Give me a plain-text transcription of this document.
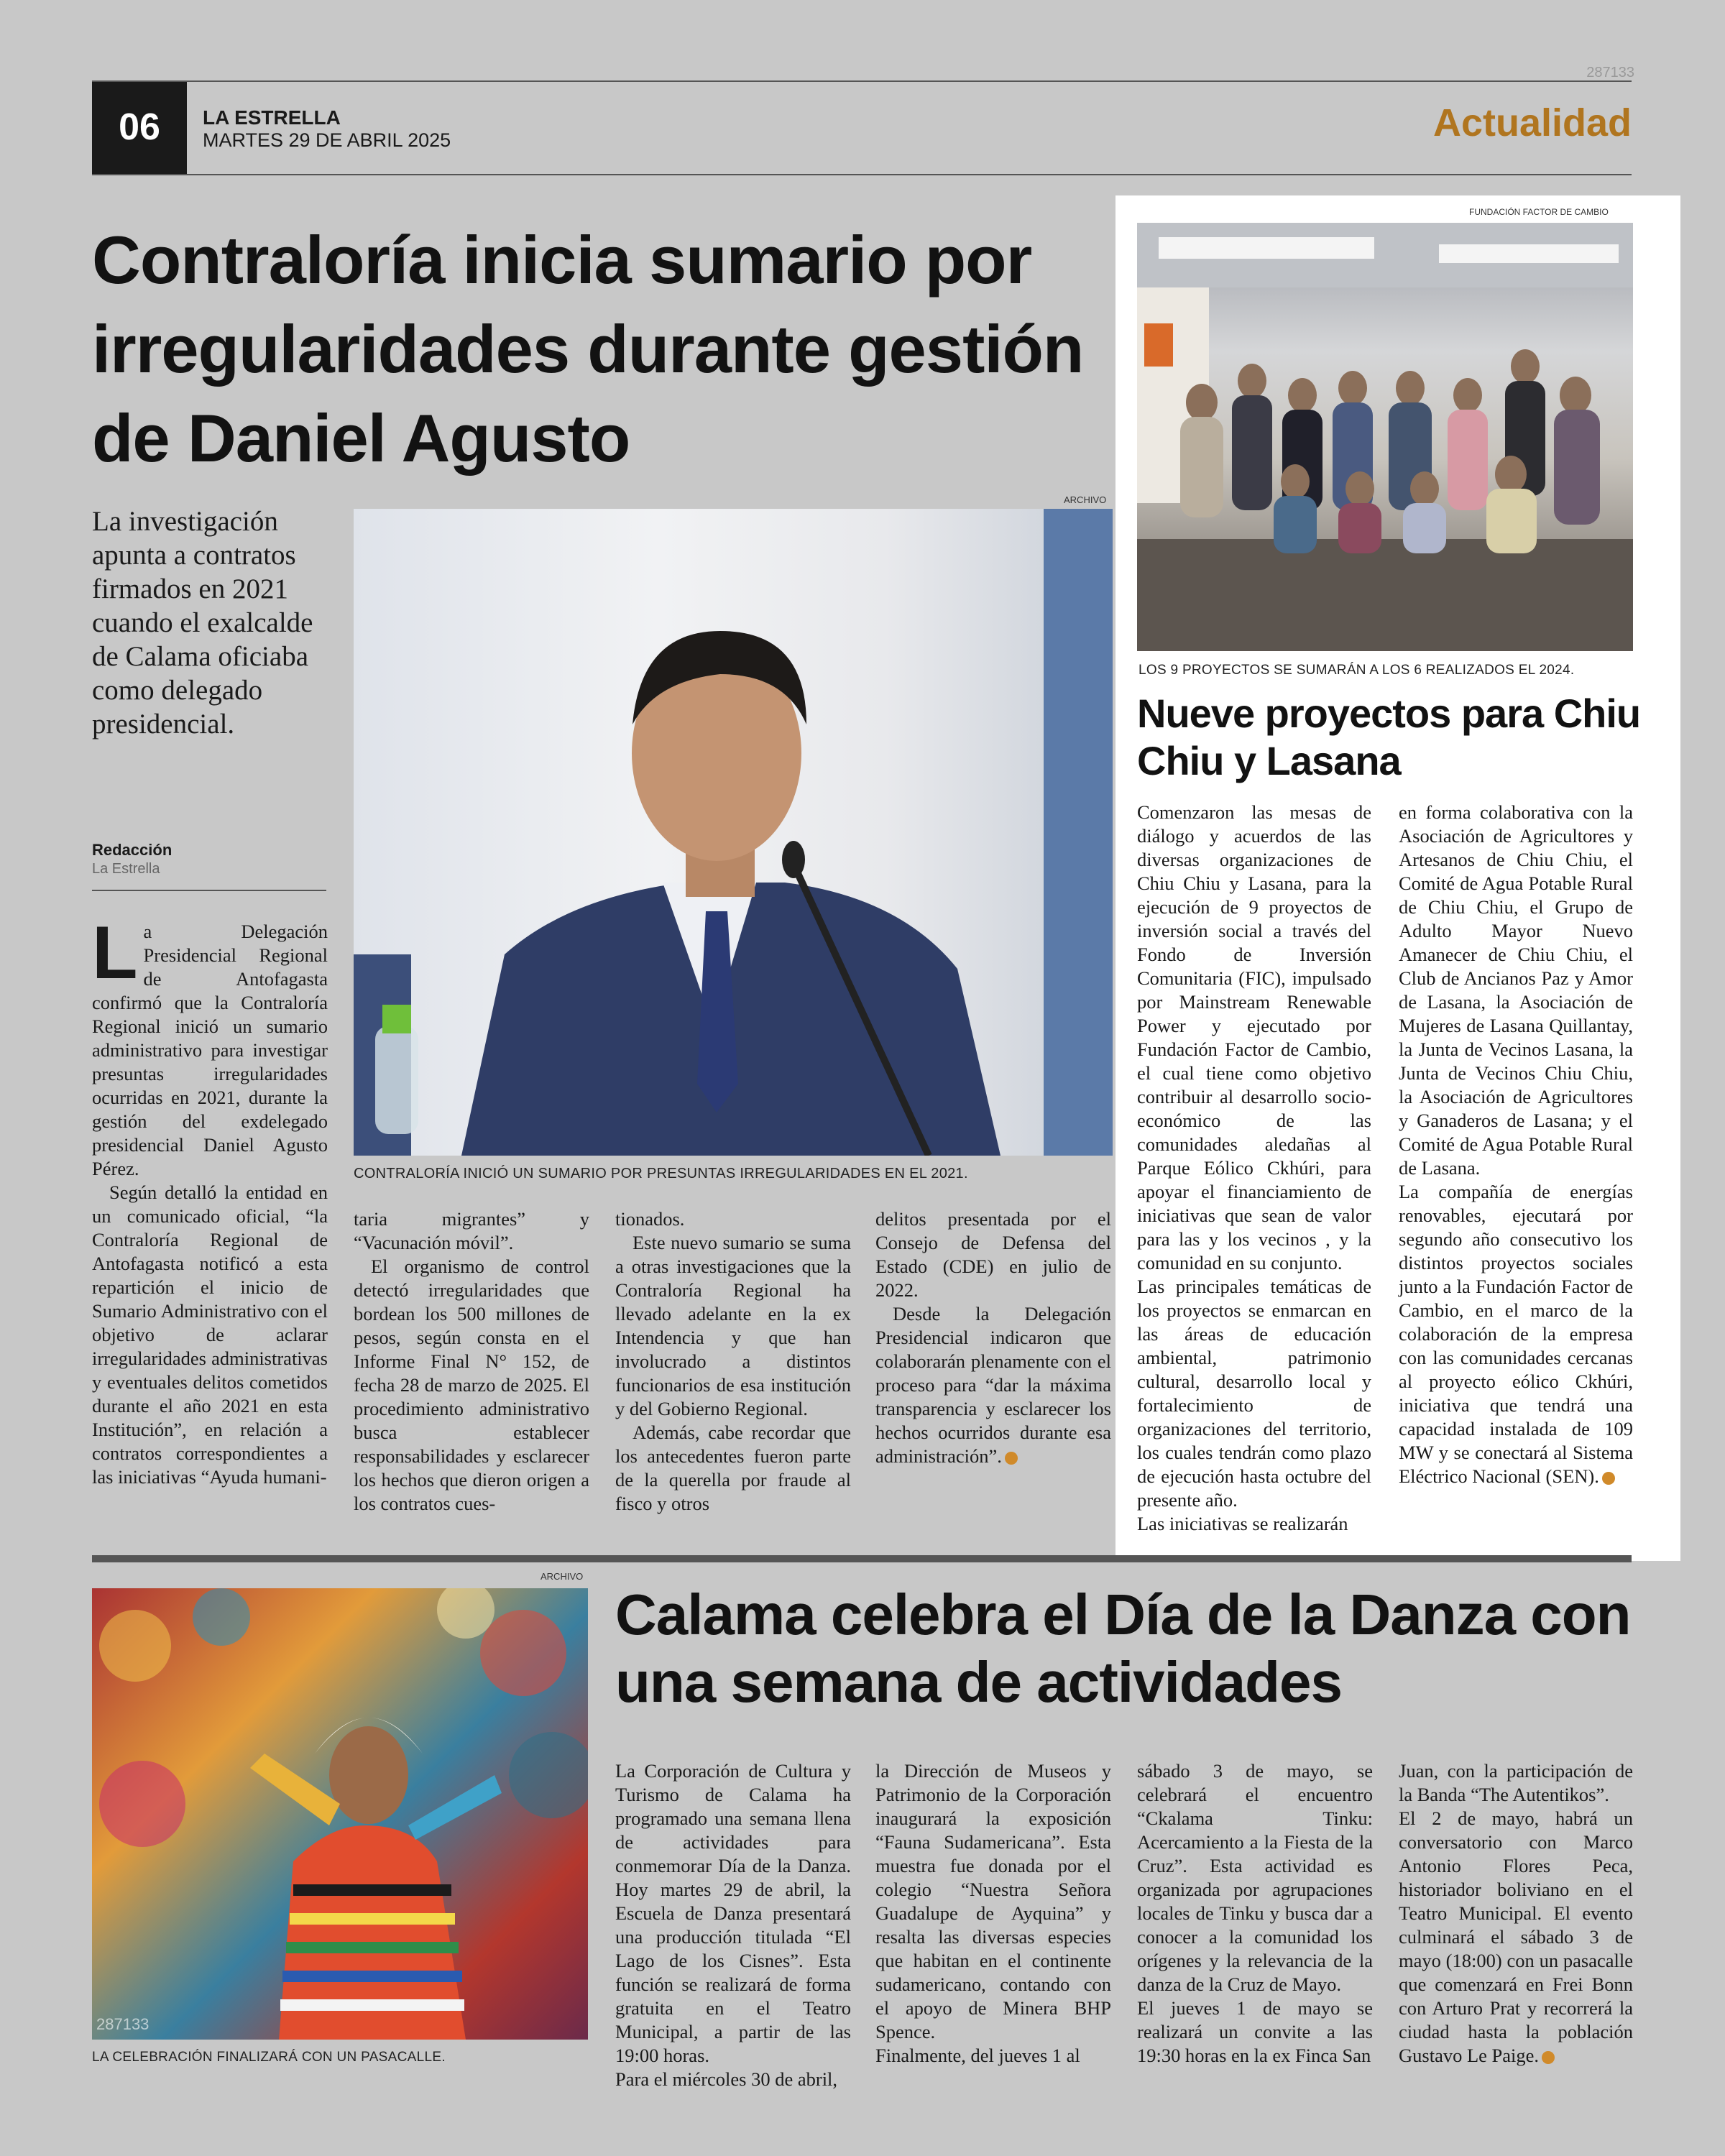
287133
06	LA ESTRELLA
MARTES 29 DE ABRIL 2025	Actualidad
Contraloría inicia sumario por irregularidades durante gestión de Daniel Agusto
La investigación apunta a contratos firmados en 2021 cuando el exalcalde de Calama oficiaba como delegado presidencial.
Redacción
La Estrella
ARCHIVO
CONTRALORÍA INICIÓ UN SUMARIO POR PRESUNTAS IRREGULARIDADES EN EL 2021.

La Delegación Presidencial Regional de Antofagasta confirmó que la Contraloría Regional inició un sumario administrativo para investigar presuntas irregularidades ocurridas en 2021, durante la gestión del exdelegado presidencial Daniel Agusto Pérez.

Según detalló la entidad en un comunicado oficial, “la Contraloría Regional de Antofagasta notificó a esta repartición el inicio de Sumario Administrativo con el objetivo de aclarar irregularidades administrativas y eventuales delitos cometidos durante el año 2021 en esta Institución”, en relación a contratos correspondientes a las iniciativas “Ayuda humani-

taria migrantes” y “Vacunación móvil”.

El organismo de control detectó irregularidades que bordean los 500 millones de pesos, según consta en el Informe Final N° 152, de fecha 28 de marzo de 2025. El procedimiento administrativo busca establecer responsabilidades y esclarecer los hechos que dieron origen a los contratos cues-

tionados.

Este nuevo sumario se suma a otras investigaciones que la Contraloría Regional ha llevado adelante en la ex Intendencia y que han involucrado a distintos funcionarios de esa institución y del Gobierno Regional.

Además, cabe recordar que los antecedentes fueron parte de la querella por fraude al fisco y otros

delitos presentada por el Consejo de Defensa del Estado (CDE) en julio de 2022.

Desde la Delegación Presidencial indicaron que colaborarán plenamente con el proceso para “dar la máxima transparencia y esclarecer los hechos ocurridos durante esa administración”.

FUNDACIÓN FACTOR DE CAMBIO
LOS 9 PROYECTOS SE SUMARÁN A LOS 6 REALIZADOS EL 2024.
Nueve proyectos para Chiu Chiu y Lasana

Comenzaron las mesas de diálogo y acuerdos de las diversas organizaciones de Chiu Chiu y Lasana, para la ejecución de 9 proyectos de inversión social a través del Fondo de Inversión Comunitaria (FIC), impulsado por Mainstream Renewable Power y ejecutado por Fundación Factor de Cambio, el cual tiene como objetivo contribuir al desarrollo socio-económico de las comunidades aledañas al Parque Eólico Ckhúri, para apoyar el financiamiento de iniciativas que sean de valor para las y los vecinos , y la comunidad en su conjunto.

Las principales temáticas de los proyectos se enmarcan en las áreas de educación ambiental, patrimonio cultural, desarrollo local y fortalecimiento de organizaciones del territorio, los cuales tendrán como plazo de ejecución hasta octubre del presente año.

Las iniciativas se realizarán

en forma colaborativa con la Asociación de Agricultores y Artesanos de Chiu Chiu, el Comité de Agua Potable Rural de Chiu Chiu, el Grupo de Adulto Mayor Nuevo Amanecer de Chiu Chiu, el Club de Ancianos Paz y Amor de Lasana, la Asociación de Mujeres de Lasana Quillantay, la Junta de Vecinos Lasana, la Junta de Vecinos Chiu Chiu, la Asociación de Agricultores y Ganaderos de Lasana; y el Comité de Agua Potable Rural de Lasana.

La compañía de energías renovables, ejecutará por segundo año consecutivo los distintos proyectos sociales junto a la Fundación Factor de Cambio, en el marco de la colaboración de la empresa con las comunidades cercanas al proyecto eólico Ckhúri, iniciativa que tendrá una capacidad instalada de 109 MW y se conectará al Sistema Eléctrico Nacional (SEN).

ARCHIVO
287133
LA CELEBRACIÓN FINALIZARÁ CON UN PASACALLE.
Calama celebra el Día de la Danza con una semana de actividades

La Corporación de Cultura y Turismo de Calama ha programado una semana llena de actividades para conmemorar Día de la Danza. Hoy martes 29 de abril, la Escuela de Danza presentará una producción titulada “El Lago de los Cisnes”. Esta función se realizará de forma gratuita en el Teatro Municipal, a partir de las 19:00 horas.

Para el miércoles 30 de abril,

la Dirección de Museos y Patrimonio de la Corporación inaugurará la exposición “Fauna Sudamericana”. Esta muestra fue donada por el colegio “Nuestra Señora Guadalupe de Ayquina” y resalta las diversas especies que habitan en el continente sudamericano, contando con el apoyo de Minera BHP Spence.

Finalmente, del jueves 1 al

sábado 3 de mayo, se celebrará el encuentro “Ckalama Tinku: Acercamiento a la Fiesta de la Cruz”. Esta actividad es organizada por agrupaciones locales de Tinku y busca dar a conocer a la comunidad los orígenes y la relevancia de la danza de la Cruz de Mayo.

El jueves 1 de mayo se realizará un convite a las 19:30 horas en la ex Finca San

Juan, con la participación de la Banda “The Autentikos”.

El 2 de mayo, habrá un conversatorio con Marco Antonio Flores Peca, historiador boliviano en el Teatro Municipal. El evento culminará el sábado 3 de mayo (18:00) con un pasacalle que comenzará en Frei Bonn con Arturo Prat y recorrerá la ciudad hasta la población Gustavo Le Paige.
